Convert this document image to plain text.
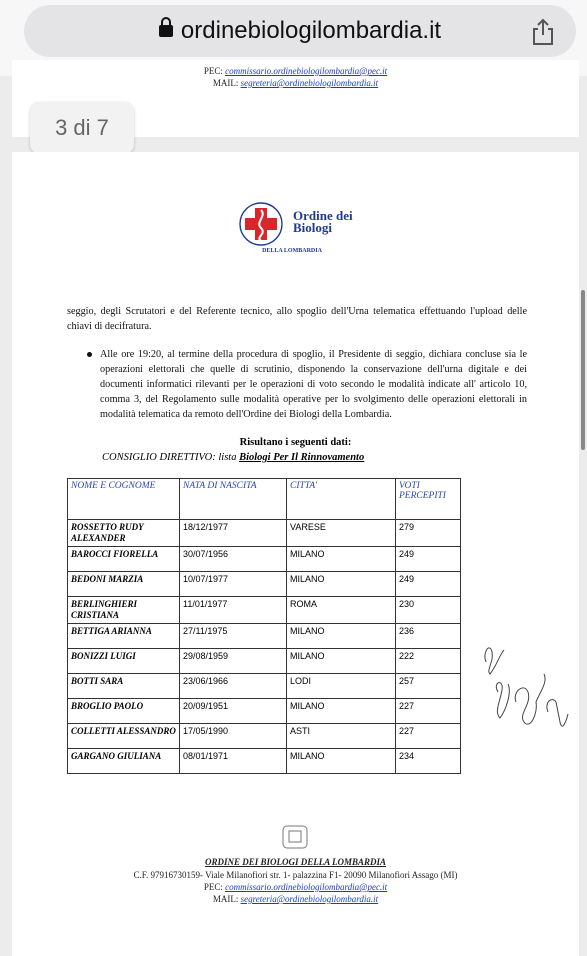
ordinebiologilombardia.it
PEC: commissario.ordinebiologilombardia@pec.it
MAIL: segreteria@ordinebiologilombardia.it
3 di 7
Ordine dei
Biologi
DELLA LOMBARDIA
seggio, degli Scrutatori e del Referente tecnico, allo spoglio dell'Urna telematica effettuando l'upload delle chiavi di decifratura.
Alle ore 19:20, al termine della procedura di spoglio, il Presidente di seggio, dichiara concluse sia le operazioni elettorali che quelle di scrutinio, disponendo la conservazione dell'urna digitale e dei documenti informatici rilevanti per le operazioni di voto secondo le modalità indicate all' articolo 10, comma 3, del Regolamento sulle modalità operative per lo svolgimento delle operazioni elettorali in modalità telematica da remoto dell'Ordine dei Biologi della Lombardia.
Risultano i seguenti dati:
CONSIGLIO DIRETTIVO: lista Biologi Per Il Rinnovamento
NOME E COGNOME	NATA DI NASCITA	CITTA'	VOTI PERCEPITI
ROSSETTO RUDY ALEXANDER	18/12/1977	VARESE	279
BAROCCI FIORELLA	30/07/1956	MILANO	249
BEDONI MARZIA	10/07/1977	MILANO	249
BERLINGHIERI CRISTIANA	11/01/1977	ROMA	230
BETTIGA ARIANNA	27/11/1975	MILANO	236
BONIZZI LUIGI	29/08/1959	MILANO	222
BOTTI SARA	23/06/1966	LODI	257
BROGLIO PAOLO	20/09/1951	MILANO	227
COLLETTI ALESSANDRO	17/05/1990	ASTI	227
GARGANO GIULIANA	08/01/1971	MILANO	234
ORDINE DEI BIOLOGI DELLA LOMBARDIA
C.F. 97916730159- Viale Milanofiori str. 1- palazzina F1- 20090 Milanofiori Assago (MI)
PEC: commissario.ordinebiologilombardia@pec.it
MAIL: segreteria@ordinebiologilombardia.it
